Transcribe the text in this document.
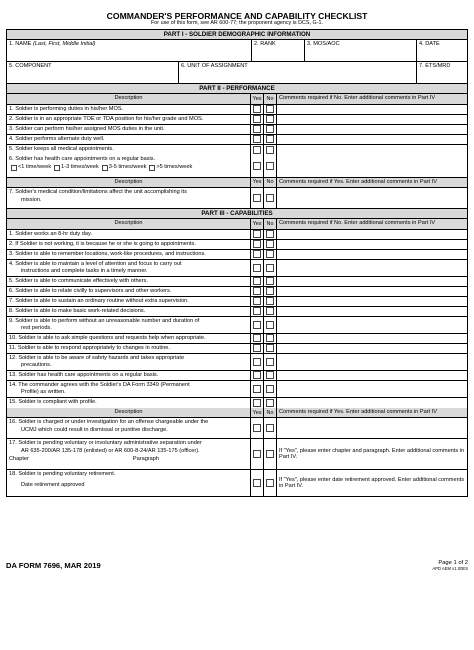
COMMANDER'S PERFORMANCE AND CAPABILITY CHECKLIST
For use of this form, see AR 600-77; the proponent agency is DCS, G-1.
PART I - SOLDIER DEMOGRAPHIC INFORMATION
1. NAME (Last, First, Middle Initial)	2. RANK	3. MOS/AOC	4. DATE
5. COMPONENT	6. UNIT OF ASSIGNMENT	7. ETS/MRD
PART II - PERFORMANCE
Description	Yes No Comments required if No. Enter additional comments in Part IV
1. Soldier is performing duties in his/her MOS.
2. Soldier is in an appropriate TOE or TDA position for his/her grade and MOS.
3. Soldier can perform his/her assigned MOS duties in the unit.
4. Soldier performs alternate duty well.
5. Soldier keeps all medical appointments.
6. Soldier has health care appointments on a regular basis.
<1 time/week 1-3 times/week 3-5 times/week >5 times/week
Description	Yes No Comments required if Yes. Enter additional comments in Part IV
7. Soldier's medical condition/limitations affect the unit accomplishing its
mission.
PART III - CAPABILITIES
Description	Yes No Comments required if No. Enter additional comments in Part IV
1. Soldier works an 8-hr duty day.
2. If Soldier is not working, it is because he or she is going to appointments.
3. Soldier is able to remember locations, work-like procedures, and instructions.
4. Soldier is able to maintain a level of attention and focus to carry out
instructions and complete tasks in a timely manner.
5. Soldier is able to communicate effectively with others.
6. Soldier is able to relate civilly to supervisors and other workers.
7. Soldier is able to sustain an ordinary routine without extra supervision.
8. Soldier is able to make basic work-related decisions.
9. Soldier is able to perform without an unreasonable number and duration of
rest periods.
10. Soldier is able to ask simple questions and requests help when appropriate.
11. Soldier is able to respond appropriately to changes in routine.
12. Soldier is able to be aware of safety hazards and takes appropriate
precautions.
13. Soldier has health care appointments on a regular basis.
14. The commander agrees with the Soldier's DA Form 3349 (Permanent
Profile) as written.
15. Soldier is compliant with profile.
Description	Yes No Comments required if Yes. Enter additional comments in Part IV
16. Soldier is charged or under investigation for an offense chargeable under the
UCMJ which could result in dismissal or punitive discharge.
17. Soldier is pending voluntary or involuntary administrative separation under
AR 635-200/AR 135-178 (enlisted) or AR 600-8-24/AR 135-175 (officer).
Chapter	Paragraph
If "Yes", please enter chapter and paragraph. Enter additional comments in Part IV.
18. Soldier is pending voluntary retirement.
Date retirement approved
If "Yes", please enter date retirement approved. Enter additional comments in Part IV.
DA FORM 7696, MAR 2019	Page 1 of 2
APD AEM v1.00ES
